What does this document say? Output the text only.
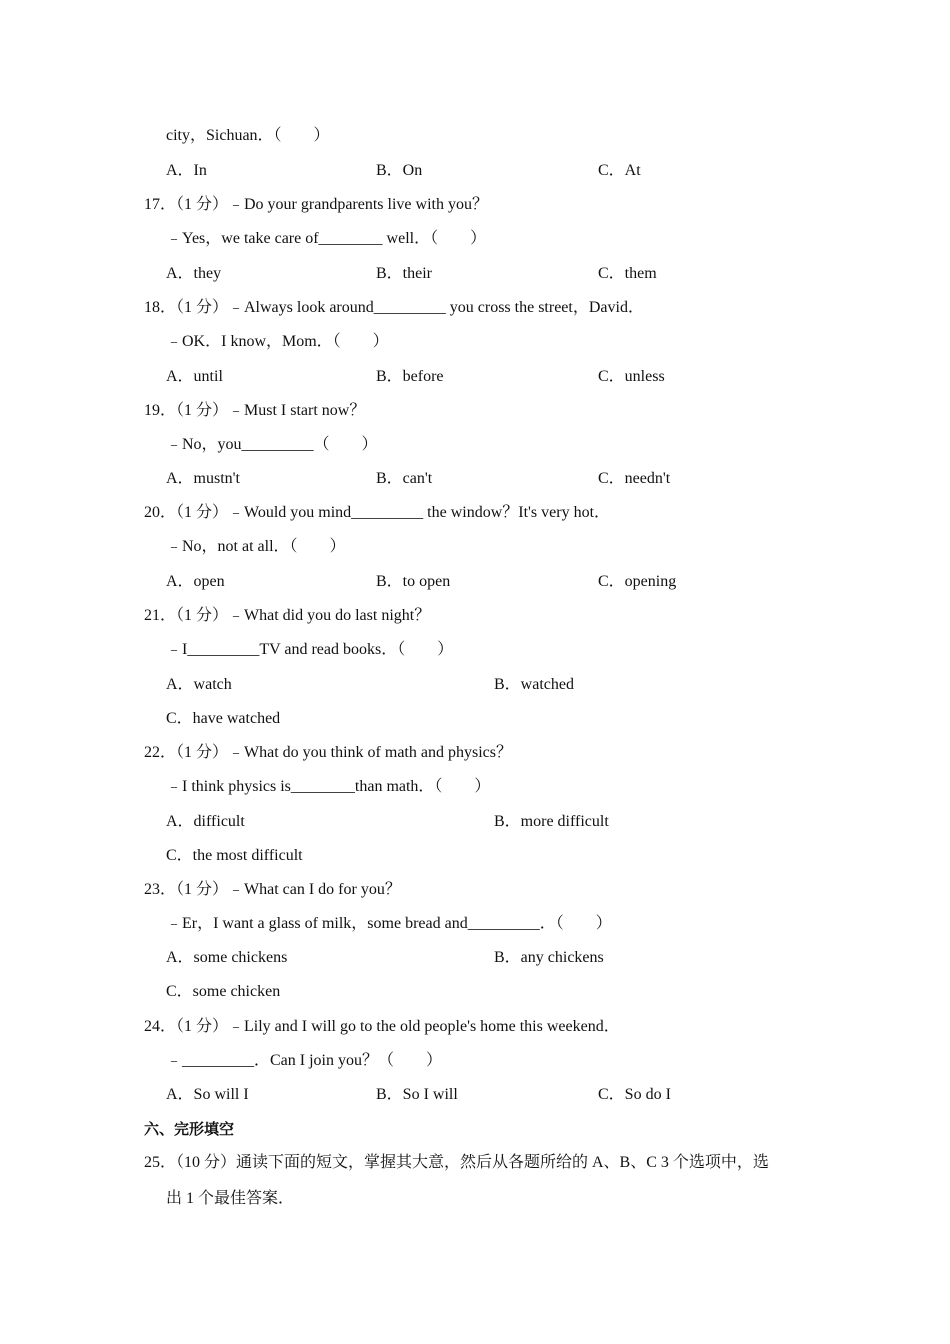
city，Sichuan．（　　）
A．In	B．On	C．At
17．（1 分）﹣Do your grandparents live with you？
﹣Yes，we take care of________ well．（　　）
A．they	B．their	C．them
18．（1 分）﹣Always look around_________ you cross the street，David．
﹣OK．I know，Mom．（　　）
A．until	B．before	C．unless
19．（1 分）﹣Must I start now？
﹣No，you_________（　　）
A．mustn't	B．can't	C．needn't
20．（1 分）﹣Would you mind_________ the window？It's very hot．
﹣No，not at all．（　　）
A．open	B．to open	C．opening
21．（1 分）﹣What did you do last night？
﹣I_________TV and read books．（　　）
A．watch	B．watched
C．have watched
22．（1 分）﹣What do you think of math and physics？
﹣I think physics is________than math．（　　）
A．difficult	B．more difficult
C．the most difficult
23．（1 分）﹣What can I do for you？
﹣Er，I want a glass of milk，some bread and_________．（　　）
A．some chickens	B．any chickens
C．some chicken
24．（1 分）﹣Lily and I will go to the old people's home this weekend．
﹣_________．Can I join you？（　　）
A．So will I	B．So I will	C．So do I
六、完形填空
25．（10 分）通读下面的短文，掌握其大意，然后从各题所给的 A、B、C 3 个选项中，选
出 1 个最佳答案．
